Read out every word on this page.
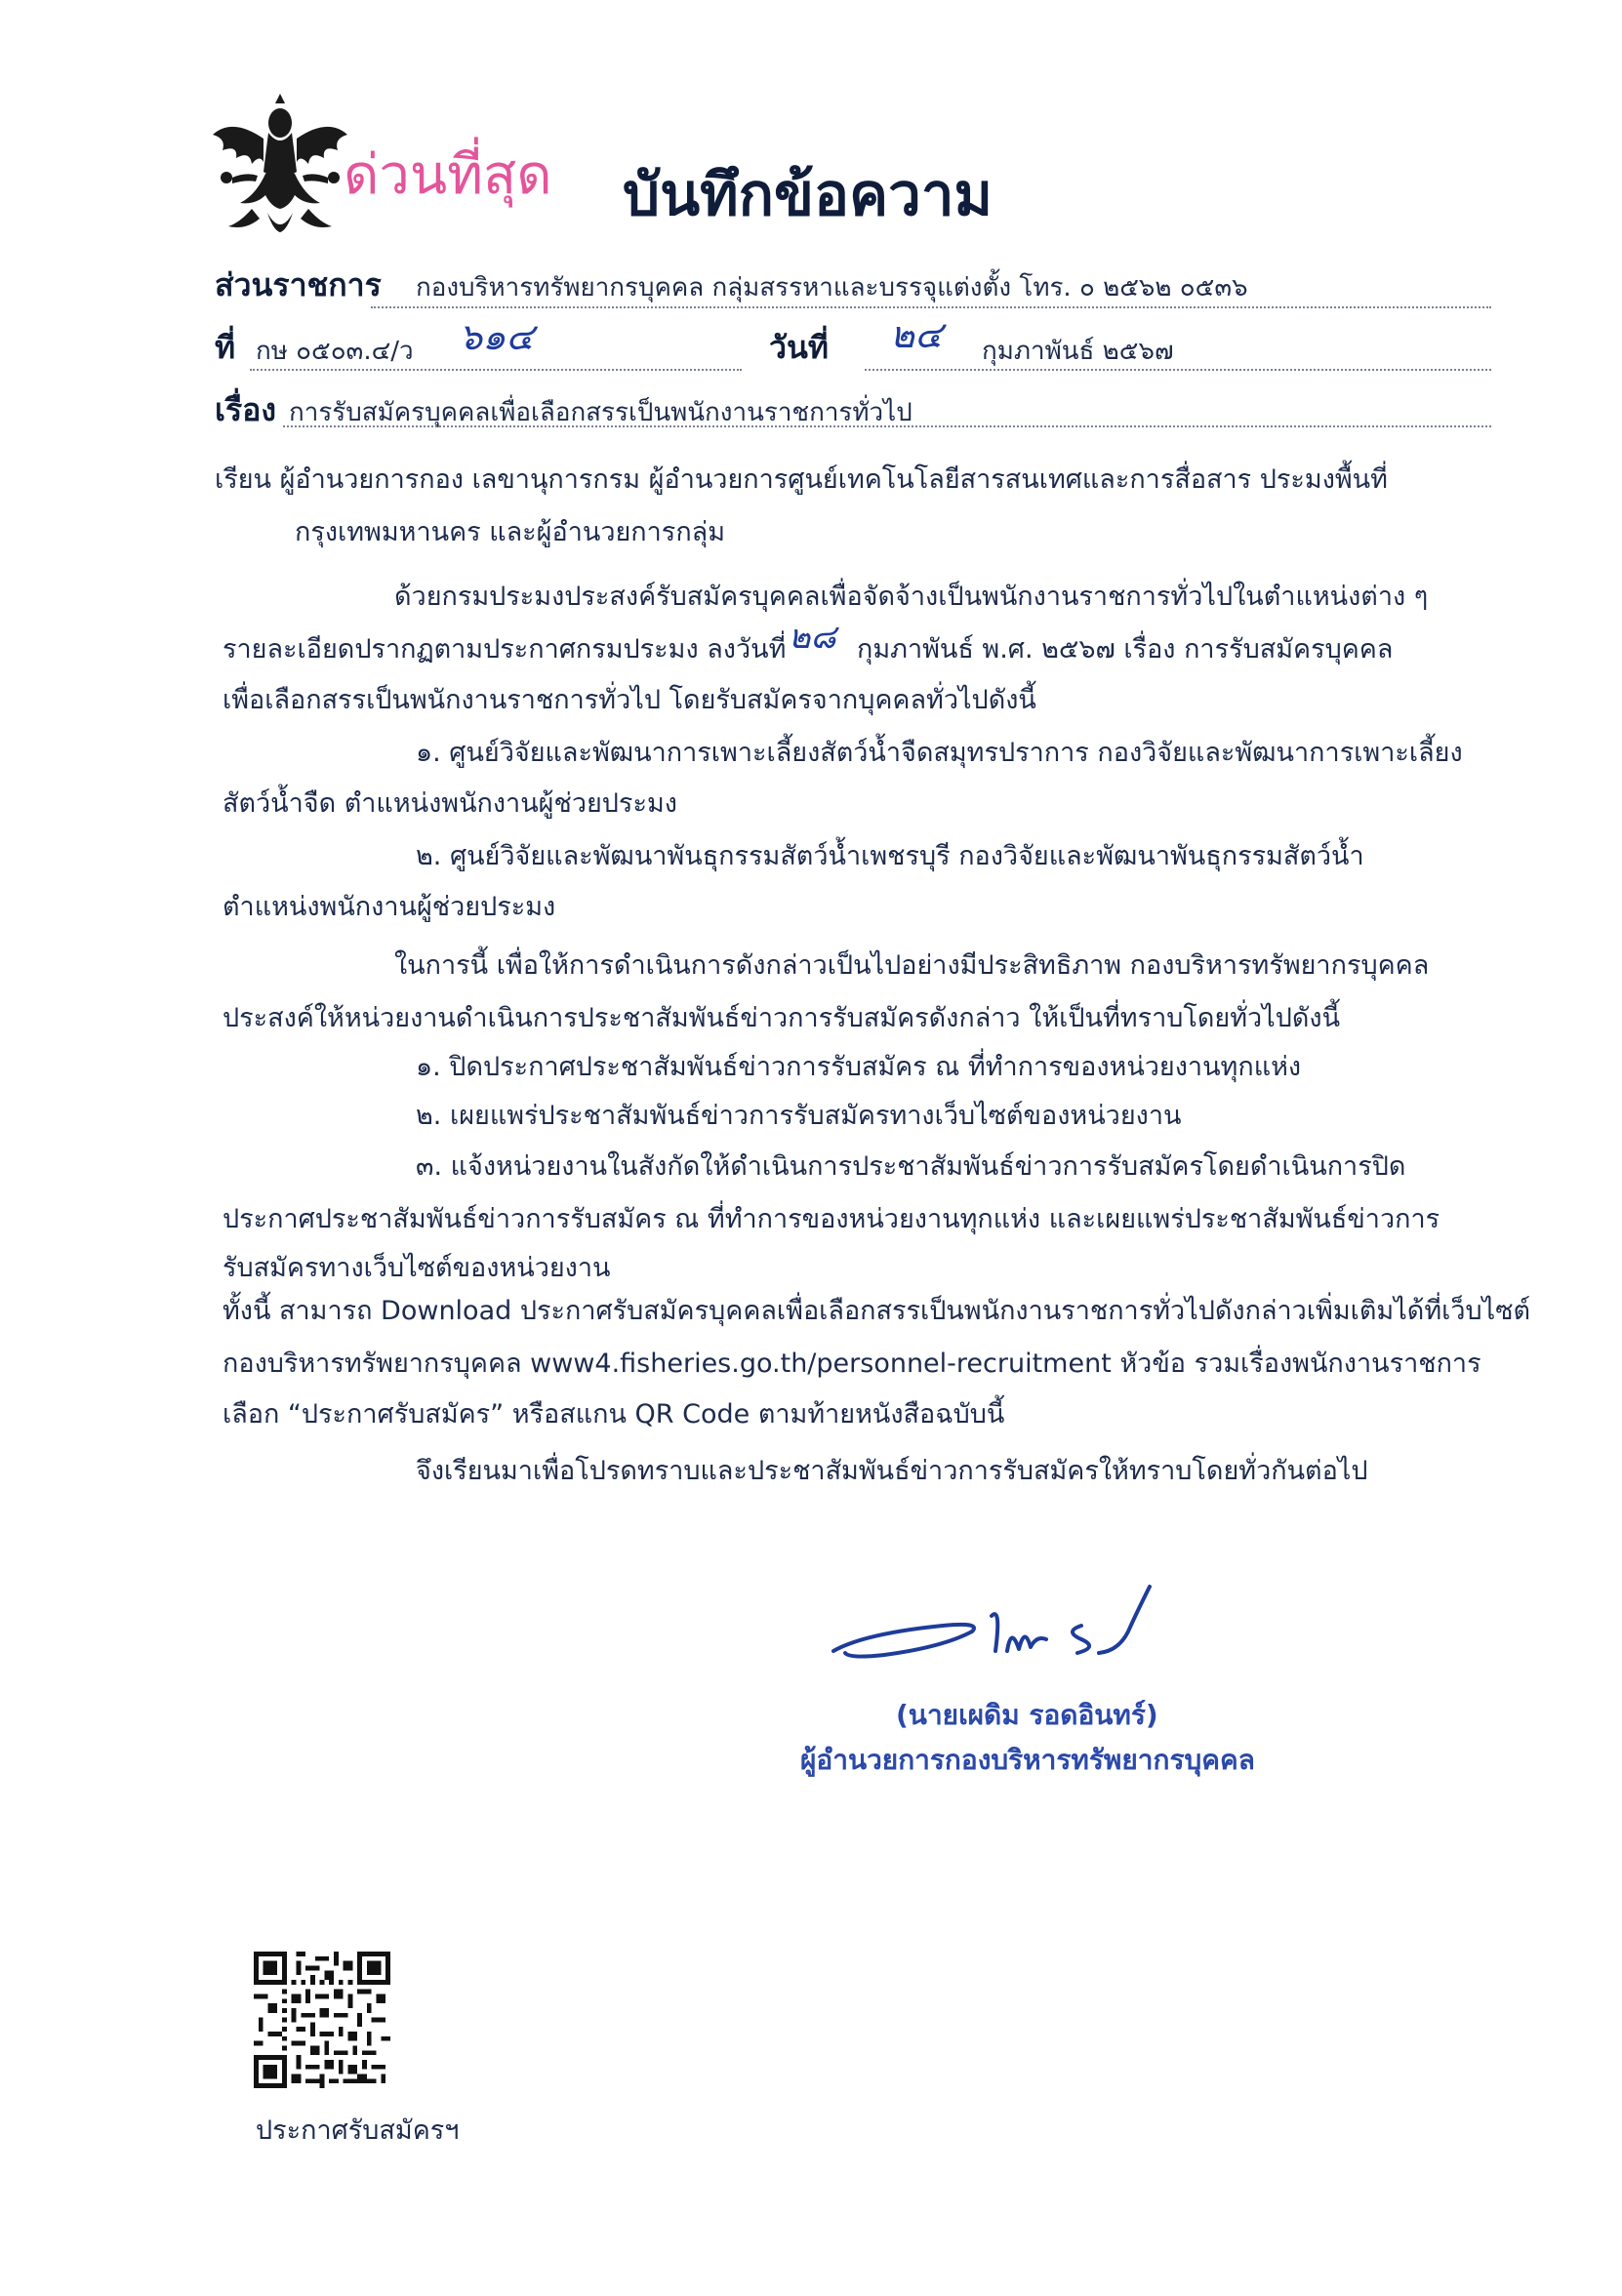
ด่วนที่สุด บันทึกข้อความ
ส่วนราชการ กองบริหารทรัพยากรบุคคล กลุ่มสรรหาและบรรจุแต่งตั้ง โทร. ๐ ๒๕๖๒ ๐๕๓๖
ที่ กษ ๐๕๐๓.๔/ว ๖๑๔	วันที่ ๒๔ กุมภาพันธ์ ๒๕๖๗
เรื่อง การรับสมัครบุคคลเพื่อเลือกสรรเป็นพนักงานราชการทั่วไป
เรียน ผู้อำนวยการกอง เลขานุการกรม ผู้อำนวยการศูนย์เทคโนโลยีสารสนเทศและการสื่อสาร ประมงพื้นที่
กรุงเทพมหานคร และผู้อำนวยการกลุ่ม
ด้วยกรมประมงประสงค์รับสมัครบุคคลเพื่อจัดจ้างเป็นพนักงานราชการทั่วไปในตำแหน่งต่าง ๆ
รายละเอียดปรากฏตามประกาศกรมประมง ลงวันที่ ๒๘ กุมภาพันธ์ พ.ศ. ๒๕๖๗ เรื่อง การรับสมัครบุคคล
เพื่อเลือกสรรเป็นพนักงานราชการทั่วไป โดยรับสมัครจากบุคคลทั่วไปดังนี้
๑. ศูนย์วิจัยและพัฒนาการเพาะเลี้ยงสัตว์น้ำจืดสมุทรปราการ กองวิจัยและพัฒนาการเพาะเลี้ยง
สัตว์น้ำจืด ตำแหน่งพนักงานผู้ช่วยประมง
๒. ศูนย์วิจัยและพัฒนาพันธุกรรมสัตว์น้ำเพชรบุรี กองวิจัยและพัฒนาพันธุกรรมสัตว์น้ำ
ตำแหน่งพนักงานผู้ช่วยประมง
ในการนี้ เพื่อให้การดำเนินการดังกล่าวเป็นไปอย่างมีประสิทธิภาพ กองบริหารทรัพยากรบุคคล
ประสงค์ให้หน่วยงานดำเนินการประชาสัมพันธ์ข่าวการรับสมัครดังกล่าว ให้เป็นที่ทราบโดยทั่วไปดังนี้
๑. ปิดประกาศประชาสัมพันธ์ข่าวการรับสมัคร ณ ที่ทำการของหน่วยงานทุกแห่ง
๒. เผยแพร่ประชาสัมพันธ์ข่าวการรับสมัครทางเว็บไซต์ของหน่วยงาน
๓. แจ้งหน่วยงานในสังกัดให้ดำเนินการประชาสัมพันธ์ข่าวการรับสมัครโดยดำเนินการปิด
ประกาศประชาสัมพันธ์ข่าวการรับสมัคร ณ ที่ทำการของหน่วยงานทุกแห่ง และเผยแพร่ประชาสัมพันธ์ข่าวการ
รับสมัครทางเว็บไซต์ของหน่วยงาน
ทั้งนี้ สามารถ Download ประกาศรับสมัครบุคคลเพื่อเลือกสรรเป็นพนักงานราชการทั่วไปดังกล่าวเพิ่มเติมได้ที่เว็บไซต์
กองบริหารทรัพยากรบุคคล www4.fisheries.go.th/personnel-recruitment หัวข้อ รวมเรื่องพนักงานราชการ
เลือก “ประกาศรับสมัคร” หรือสแกน QR Code ตามท้ายหนังสือฉบับนี้
จึงเรียนมาเพื่อโปรดทราบและประชาสัมพันธ์ข่าวการรับสมัครให้ทราบโดยทั่วกันต่อไป
(นายเผดิม รอดอินทร์)
ผู้อำนวยการกองบริหารทรัพยากรบุคคล
ประกาศรับสมัครฯ
